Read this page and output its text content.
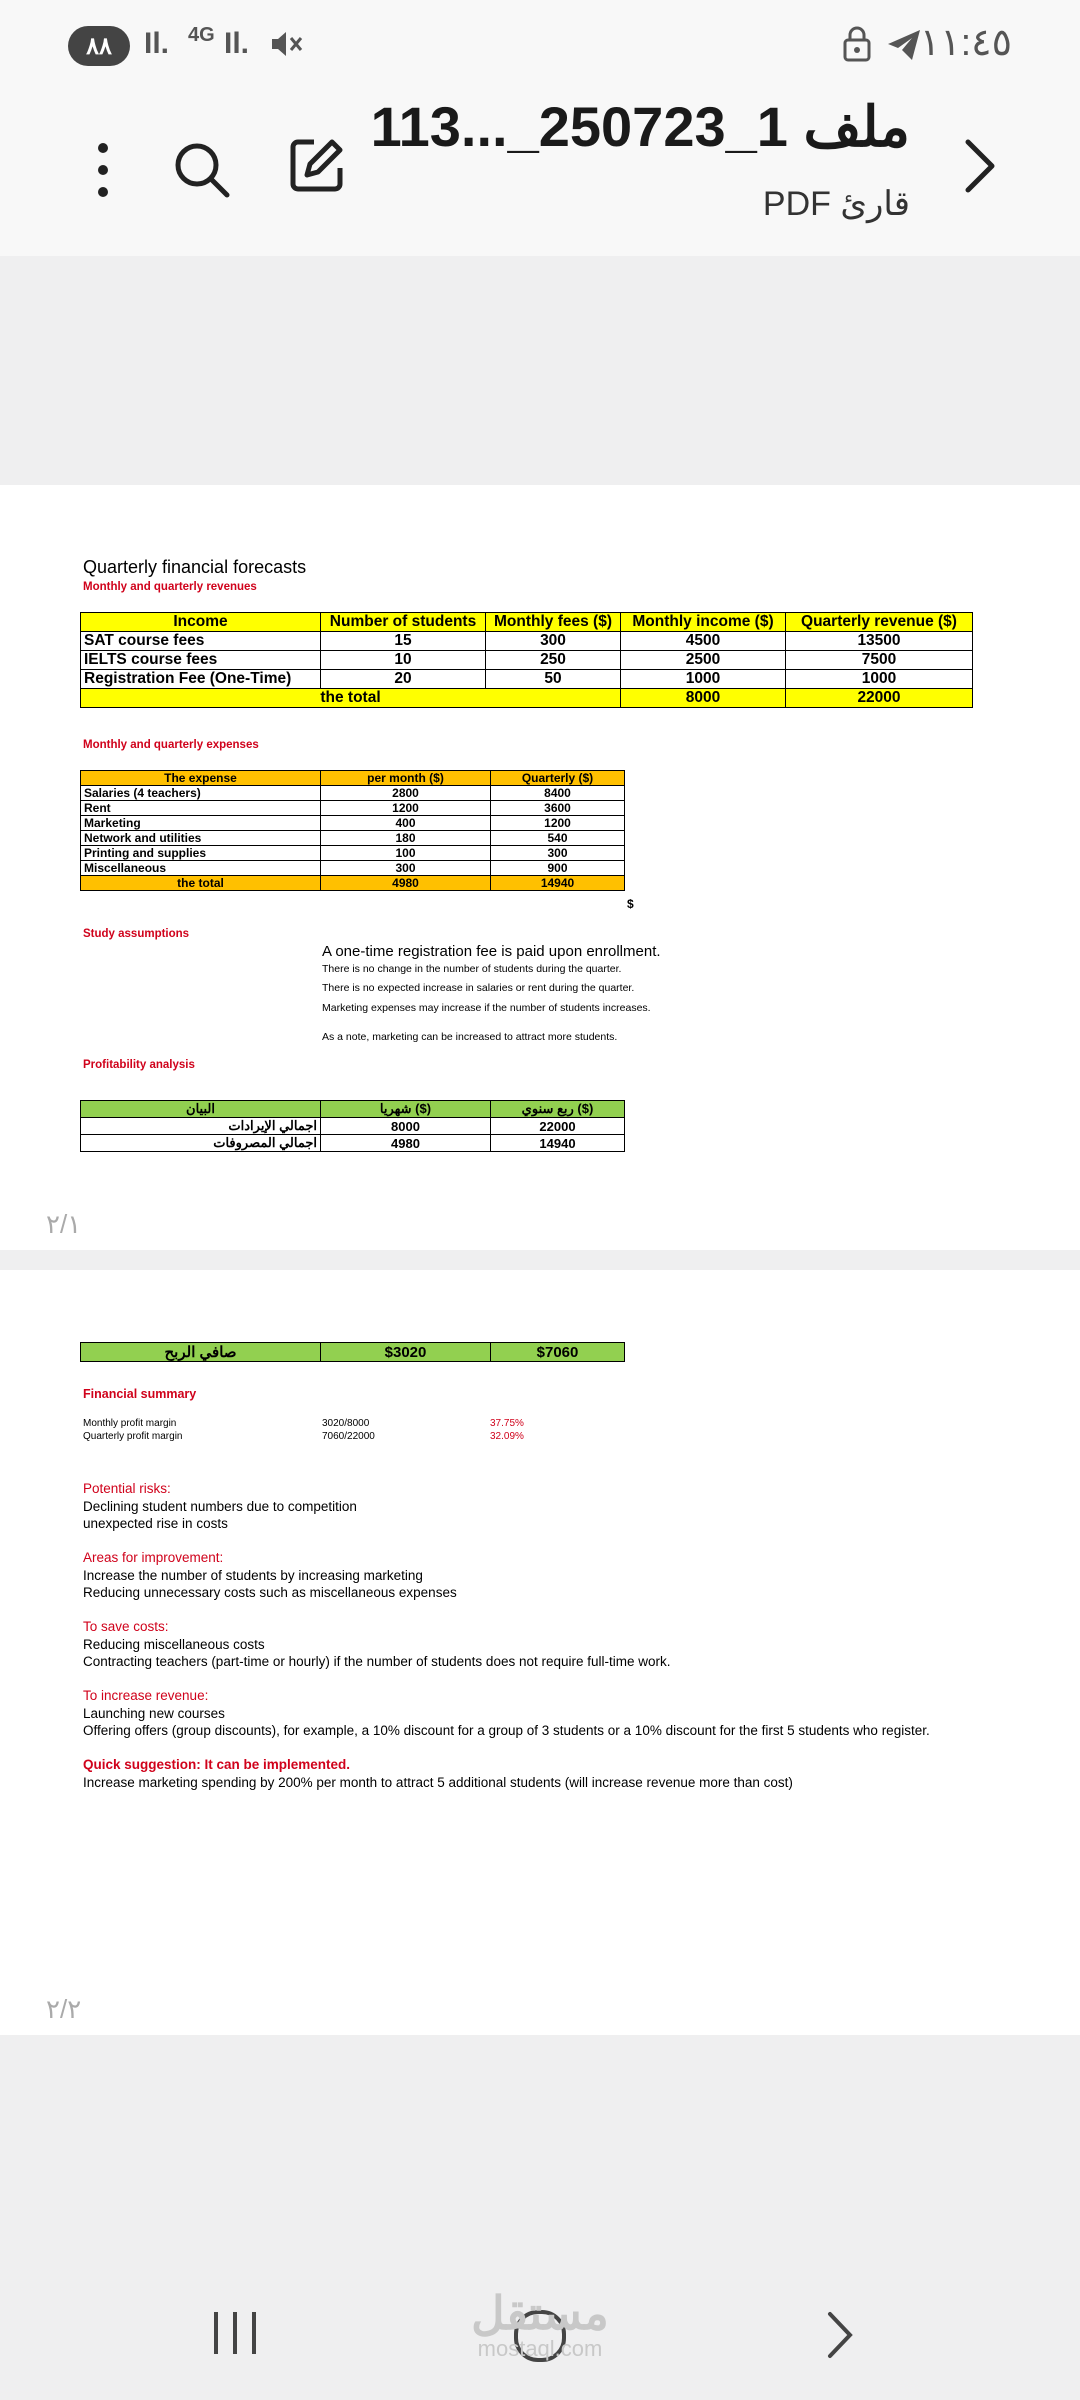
٨٨	Il. 4G Il.	١١:٤٥
ملف 1_250723_...113
قارئ PDF
Quarterly financial forecasts
Monthly and quarterly revenues
Income	Number of students	Monthly fees ($)	Monthly income ($)	Quarterly revenue ($)
SAT course fees	15	300	4500	13500
IELTS course fees	10	250	2500	7500
Registration Fee (One-Time)	20	50	1000	1000
the total			8000	22000
Monthly and quarterly expenses
The expense	per month ($)	Quarterly ($)
Salaries (4 teachers)	2800	8400
Rent	1200	3600
Marketing	400	1200
Network and utilities	180	540
Printing and supplies	100	300
Miscellaneous	300	900
the total	4980	14940
$
Study assumptions
A one-time registration fee is paid upon enrollment.
There is no change in the number of students during the quarter.
There is no expected increase in salaries or rent during the quarter.
Marketing expenses may increase if the number of students increases.
As a note, marketing can be increased to attract more students.
Profitability analysis
البيان	شهريا ($)	ربع سنوي ($)
اجمالي الإيرادات	8000	22000
اجمالي المصروفات	4980	14940
٢/١
صافي الربح	$3020	$7060
Financial summary
Monthly profit margin	3020/8000	37.75%
Quarterly profit margin	7060/22000	32.09%
Potential risks:
Declining student numbers due to competition
unexpected rise in costs
Areas for improvement:
Increase the number of students by increasing marketing
Reducing unnecessary costs such as miscellaneous expenses
To save costs:
Reducing miscellaneous costs
Contracting teachers (part-time or hourly) if the number of students does not require full-time work.
To increase revenue:
Launching new courses
Offering offers (group discounts), for example, a 10% discount for a group of 3 students or a 10% discount for the first 5 students who register.
Quick suggestion: It can be implemented.
Increase marketing spending by 200% per month to attract 5 additional students (will increase revenue more than cost)
٢/٢
مستقل
mostaql.com
